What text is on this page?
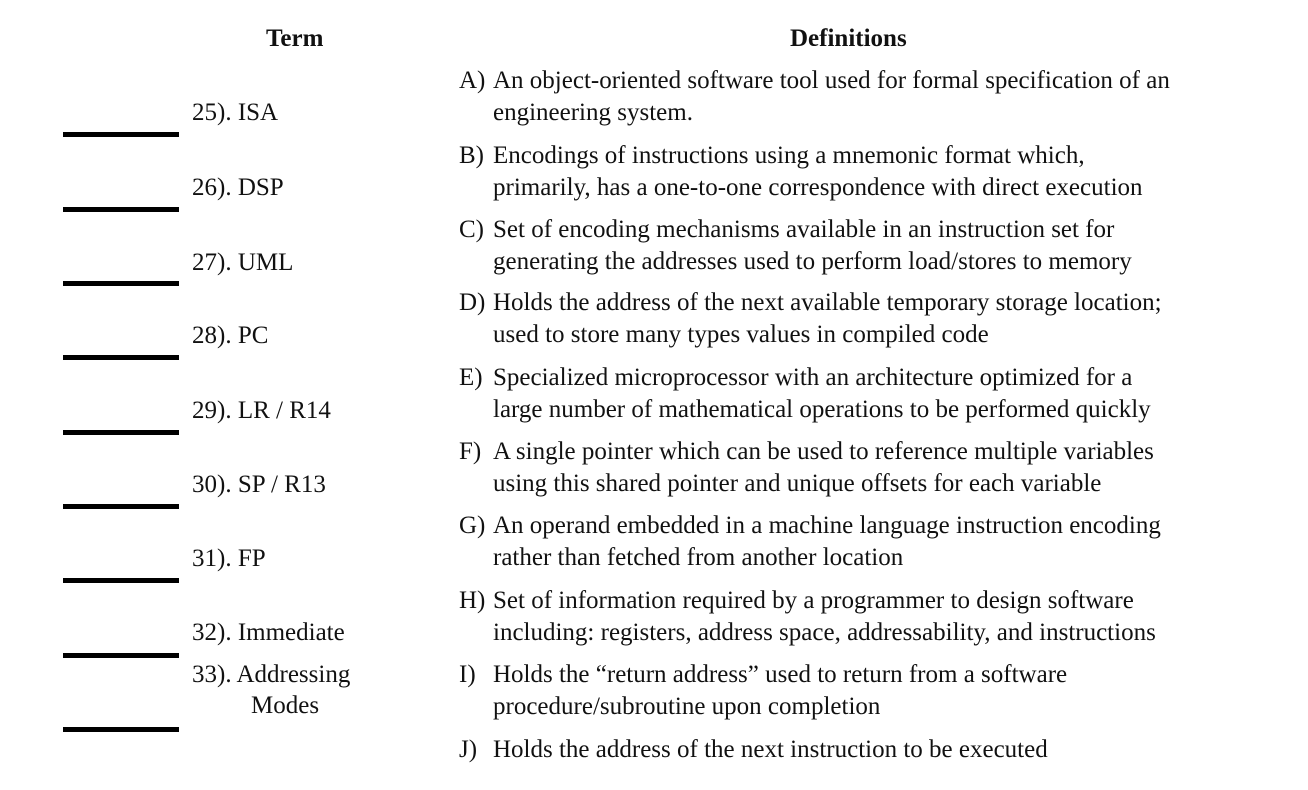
Term	Definitions
25). ISA
26). DSP
27). UML
28). PC
29). LR / R14
30). SP / R13
31). FP
32). Immediate
33). Addressing
Modes
A) An object-oriented software tool used for formal specification of an
engineering system.
B) Encodings of instructions using a mnemonic format which,
primarily, has a one-to-one correspondence with direct execution
C) Set of encoding mechanisms available in an instruction set for
generating the addresses used to perform load/stores to memory
D) Holds the address of the next available temporary storage location;
used to store many types values in compiled code
E) Specialized microprocessor with an architecture optimized for a
large number of mathematical operations to be performed quickly
F) A single pointer which can be used to reference multiple variables
using this shared pointer and unique offsets for each variable
G) An operand embedded in a machine language instruction encoding
rather than fetched from another location
H) Set of information required by a programmer to design software
including: registers, address space, addressability, and instructions
I) Holds the “return address” used to return from a software
procedure/subroutine upon completion
J) Holds the address of the next instruction to be executed
